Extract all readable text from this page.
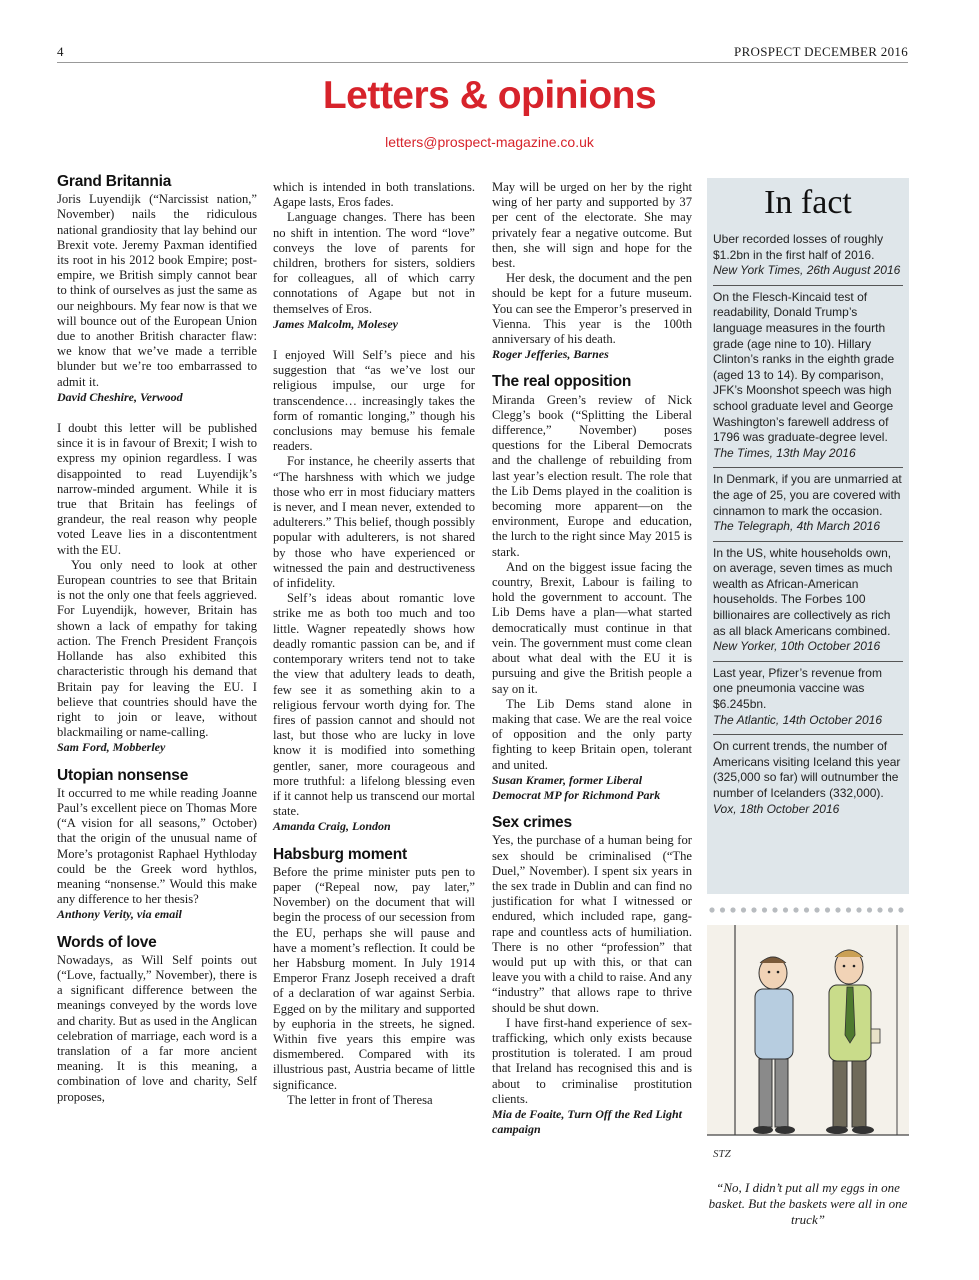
4	PROSPECT DECEMBER 2016
Letters & opinions
letters@prospect-magazine.co.uk
Grand Britannia

Joris Luyendijk (“Narcissist nation,” November) nails the ridiculous national grandiosity that lay behind our Brexit vote. Jeremy Paxman identified its root in his 2012 book Empire; post-empire, we British simply cannot bear to think of ourselves as just the same as our neighbours. My fear now is that we will bounce out of the European Union due to another British character flaw: we know that we’ve made a terrible blunder but we’re too embarrassed to admit it.

David Cheshire, Verwood

I doubt this letter will be published since it is in favour of Brexit; I wish to express my opinion regardless. I was disappointed to read Luyendijk’s narrow-minded argument. While it is true that Britain has feelings of grandeur, the real reason why people voted Leave lies in a discontentment with the EU.

You only need to look at other European countries to see that Britain is not the only one that feels aggrieved. For Luyendijk, however, Britain has shown a lack of empathy for taking action. The French President François Hollande has also exhibited this characteristic through his demand that Britain pay for leaving the EU. I believe that countries should have the right to join or leave, without blackmailing or name-calling.

Sam Ford, Mobberley

Utopian nonsense

It occurred to me while reading Joanne Paul’s excellent piece on Thomas More (“A vision for all seasons,” October) that the origin of the unusual name of More’s protagonist Raphael Hythloday could be the Greek word hythlos, meaning “nonsense.” Would this make any difference to her thesis?

Anthony Verity, via email

Words of love

Nowadays, as Will Self points out (“Love, factually,” November), there is a significant difference between the meanings conveyed by the words love and charity. But as used in the Anglican celebration of marriage, each word is a translation of a far more ancient meaning. It is this meaning, a combination of love and charity, Self proposes,

which is intended in both translations. Agape lasts, Eros fades.

Language changes. There has been no shift in intention. The word “love” conveys the love of parents for children, brothers for sisters, soldiers for colleagues, all of which carry connotations of Agape but not in themselves of Eros.

James Malcolm, Molesey

I enjoyed Will Self’s piece and his suggestion that “as we’ve lost our religious impulse, our urge for transcendence… increasingly takes the form of romantic longing,” though his conclusions may bemuse his female readers.

For instance, he cheerily asserts that “The harshness with which we judge those who err in most fiduciary matters is never, and I mean never, extended to adulterers.” This belief, though possibly popular with adulterers, is not shared by those who have experienced or witnessed the pain and destructiveness of infidelity.

Self’s ideas about romantic love strike me as both too much and too little. Wagner repeatedly shows how deadly romantic passion can be, and if contemporary writers tend not to take the view that adultery leads to death, few see it as something akin to a religious fervour worth dying for. The fires of passion cannot and should not last, but those who are lucky in love know it is modified into something gentler, saner, more courageous and more truthful: a lifelong blessing even if it cannot help us transcend our mortal state.

Amanda Craig, London

Habsburg moment

Before the prime minister puts pen to paper (“Repeal now, pay later,” November) on the document that will begin the process of our secession from the EU, perhaps she will pause and have a moment’s reflection. It could be her Habsburg moment. In July 1914 Emperor Franz Joseph received a draft of a declaration of war against Serbia. Egged on by the military and supported by euphoria in the streets, he signed. Within five years this empire was dismembered. Compared with its illustrious past, Austria became of little significance.

The letter in front of Theresa

May will be urged on her by the right wing of her party and supported by 37 per cent of the electorate. She may privately fear a negative outcome. But then, she will sign and hope for the best.

Her desk, the document and the pen should be kept for a future museum. You can see the Emperor’s preserved in Vienna. This year is the 100th anniversary of his death.

Roger Jefferies, Barnes

The real opposition

Miranda Green’s review of Nick Clegg’s book (“Splitting the Liberal difference,” November) poses questions for the Liberal Democrats and the challenge of rebuilding from last year’s election result. The role that the Lib Dems played in the coalition is becoming more apparent—on the environment, Europe and education, the lurch to the right since May 2015 is stark.

And on the biggest issue facing the country, Brexit, Labour is failing to hold the government to account. The Lib Dems have a plan—what started democratically must continue in that vein. The government must come clean about what deal with the EU it is pursuing and give the British people a say on it.

The Lib Dems stand alone in making that case. We are the real voice of opposition and the only party fighting to keep Britain open, tolerant and united.

Susan Kramer, former Liberal Democrat MP for Richmond Park

Sex crimes

Yes, the purchase of a human being for sex should be criminalised (“The Duel,” November). I spent six years in the sex trade in Dublin and can find no justification for what I witnessed or endured, which included rape, gang-rape and countless acts of humiliation. There is no other “profession” that would put up with this, or that can leave you with a child to raise. And any “industry” that allows rape to thrive should be shut down.

I have first-hand experience of sex-trafficking, which only exists because prostitution is tolerated. I am proud that Ireland has recognised this and is about to criminalise prostitution clients.

Mia de Foaite, Turn Off the Red Light campaign

In fact
Uber recorded losses of roughly $1.2bn in the first half of 2016.
New York Times, 26th August 2016
On the Flesch-Kincaid test of readability, Donald Trump’s language measures in the fourth grade (age nine to 10). Hillary Clinton’s ranks in the eighth grade (aged 13 to 14). By comparison, JFK’s Moonshot speech was high school graduate level and George Washington’s farewell address of 1796 was graduate-degree level.
The Times, 13th May 2016
In Denmark, if you are unmarried at the age of 25, you are covered with cinnamon to mark the occasion.
The Telegraph, 4th March 2016
In the US, white households own, on average, seven times as much wealth as African-American households. The Forbes 100 billionaires are collectively as rich as all black Americans combined.
New Yorker, 10th October 2016
Last year, Pfizer’s revenue from one pneumonia vaccine was $6.245bn.
The Atlantic, 14th October 2016
On current trends, the number of Americans visiting Iceland this year (325,000 so far) will outnumber the number of Icelanders (332,000).
Vox, 18th October 2016
STZ
“No, I didn’t put all my eggs in one basket. But the baskets were all in one truck”
